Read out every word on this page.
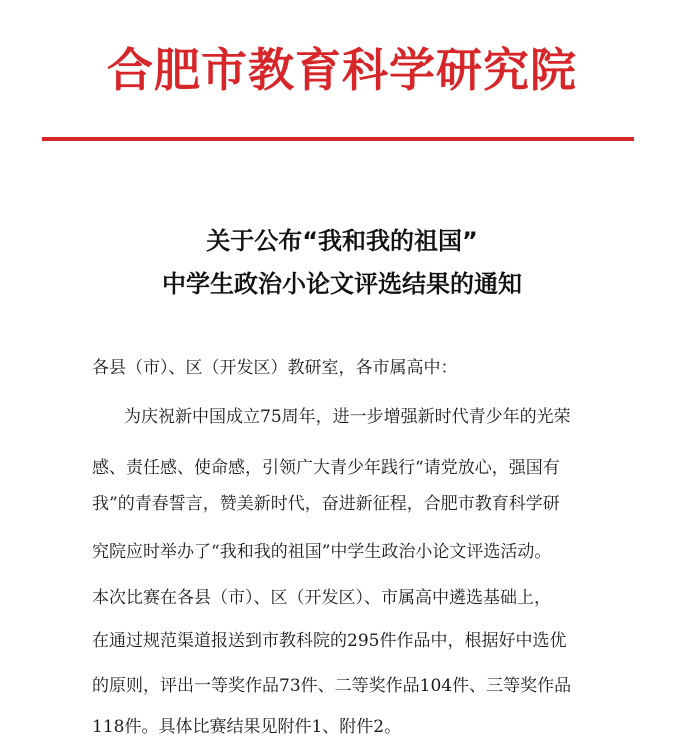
合肥市教育科学研究院
关于公布“我和我的祖国”
中学生政治小论文评选结果的通知
各县（市）、区（开发区）教研室，各市属高中：
为庆祝新中国成立75周年，进一步增强新时代青少年的光荣
感、责任感、使命感，引领广大青少年践行“请党放心，强国有
我”的青春誓言，赞美新时代，奋进新征程，合肥市教育科学研
究院应时举办了“我和我的祖国”中学生政治小论文评选活动。
本次比赛在各县（市）、区（开发区）、市属高中遴选基础上，
在通过规范渠道报送到市教科院的295件作品中，根据好中选优
的原则，评出一等奖作品73件、二等奖作品104件、三等奖作品
118件。具体比赛结果见附件1、附件2。
